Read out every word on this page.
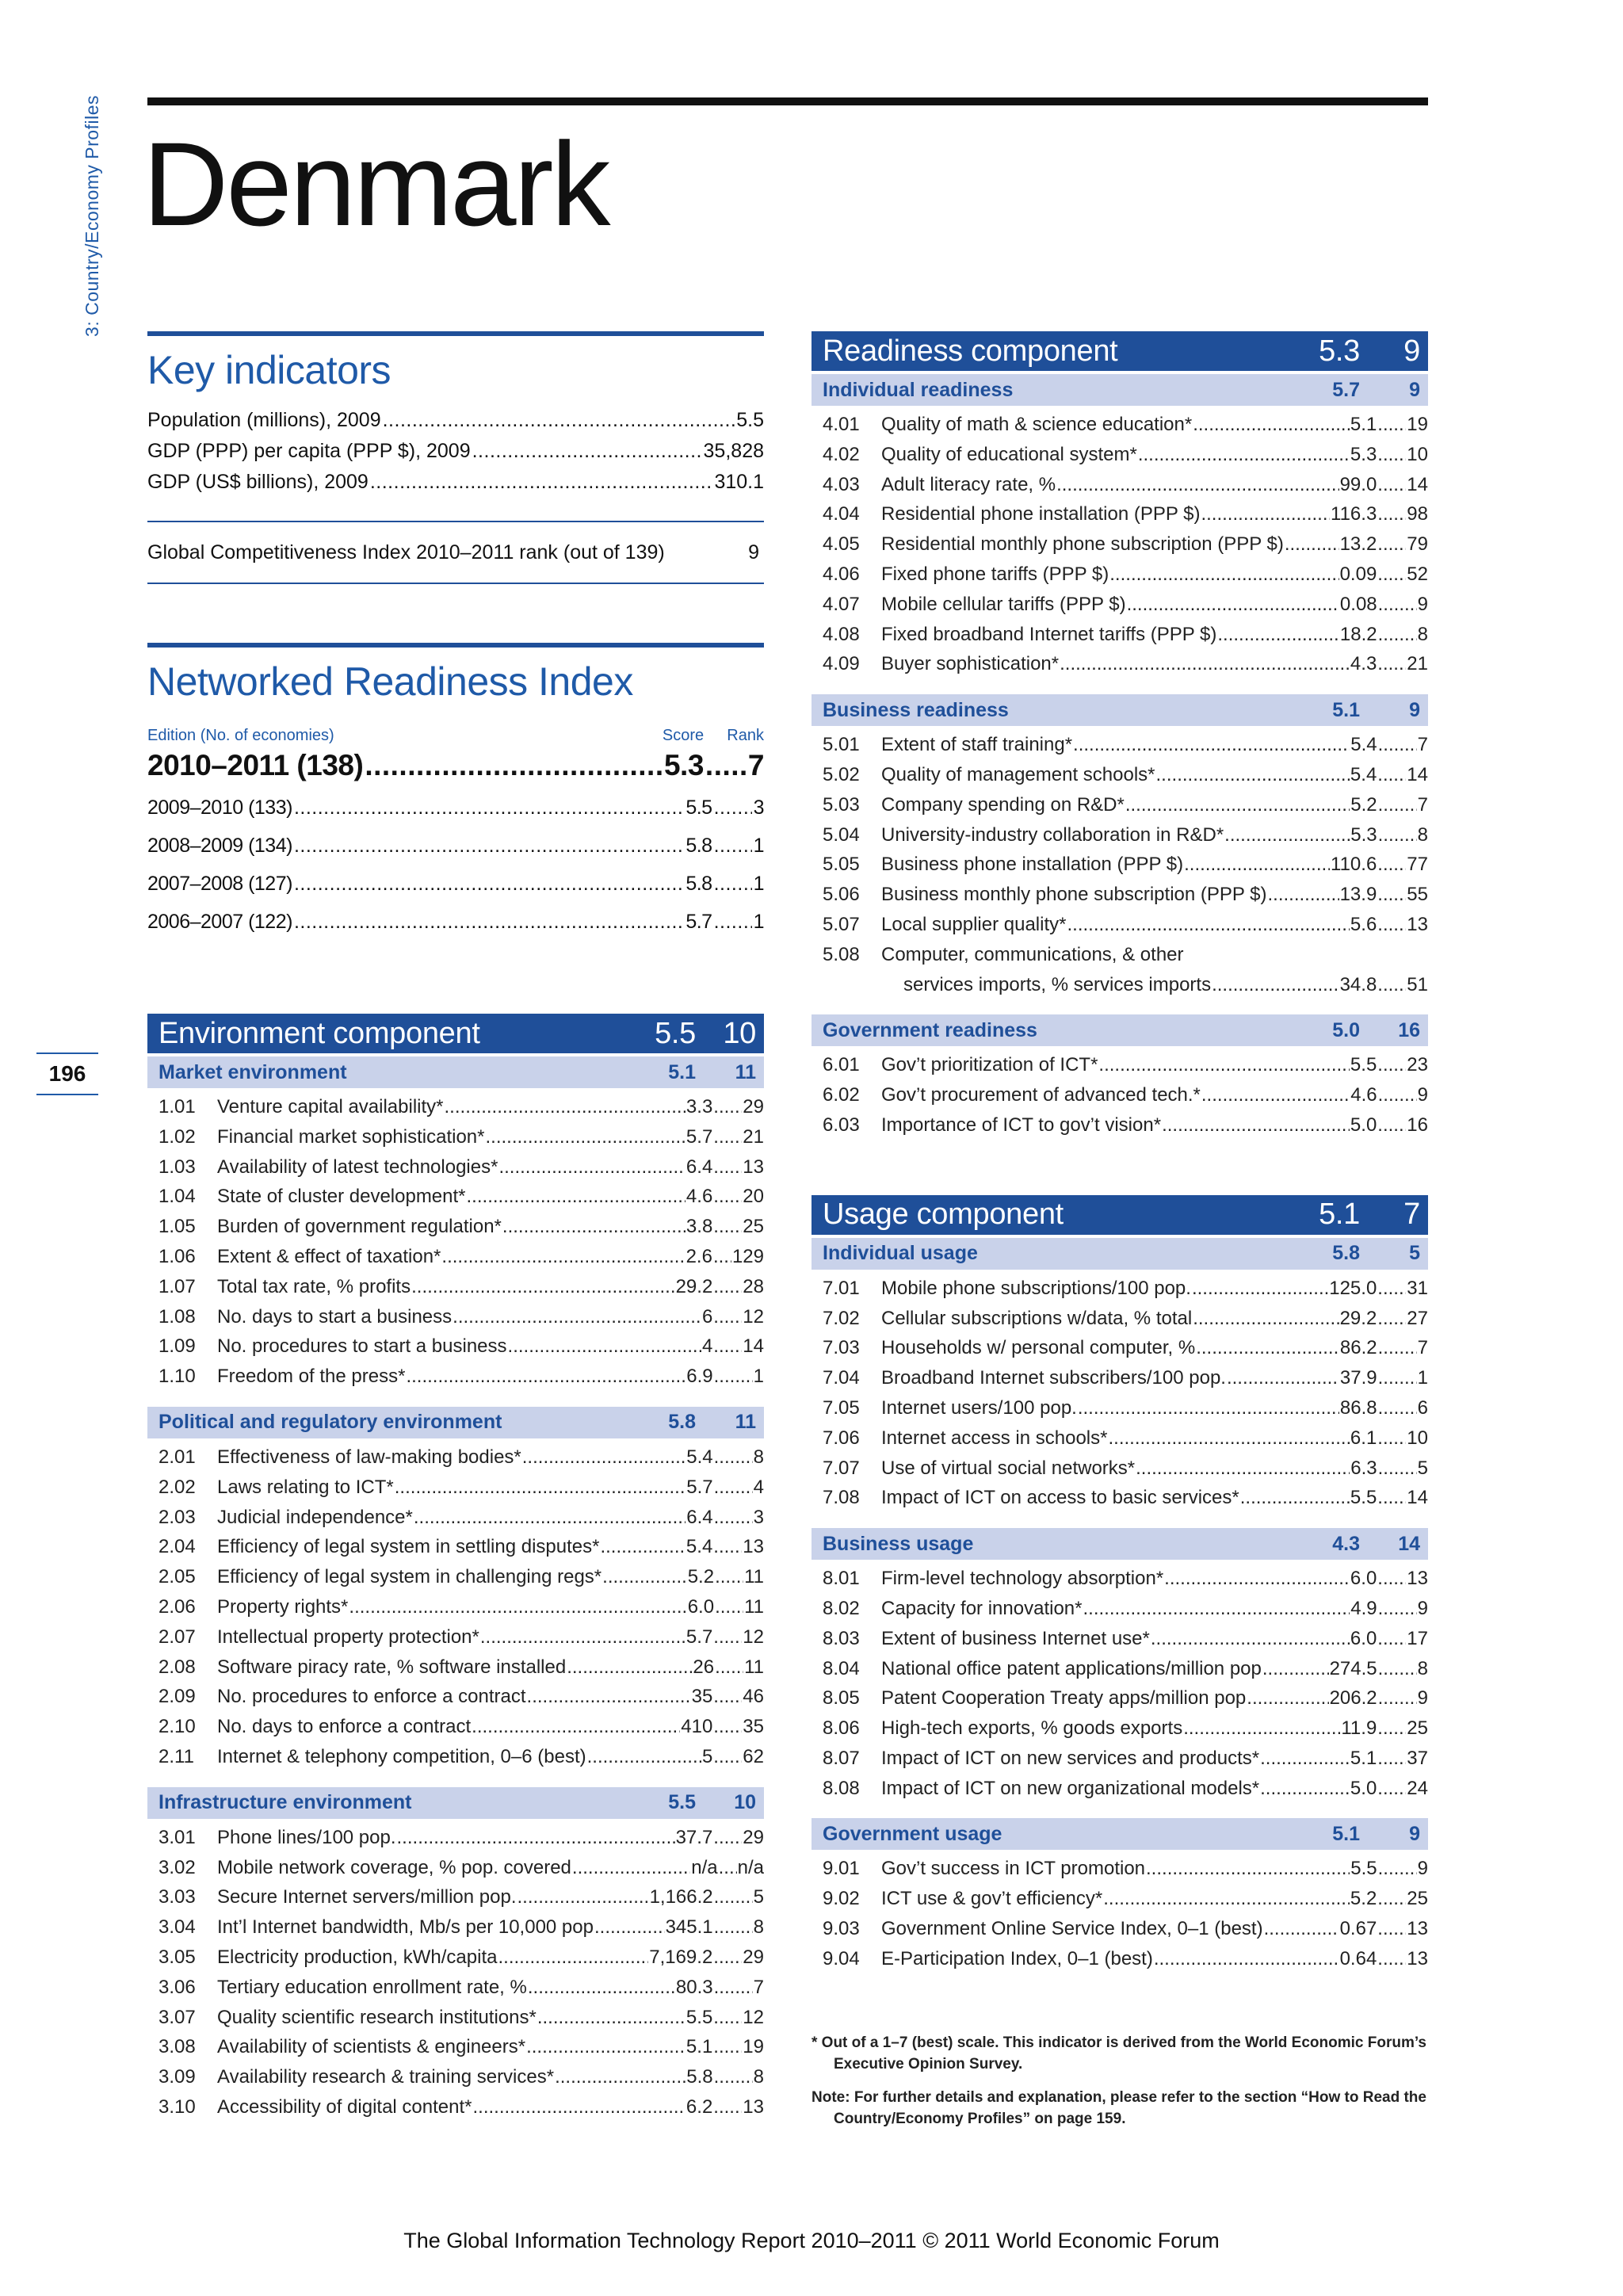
3: Country/Economy Profiles
196
Denmark
Key indicators
Population (millions), 2009 .....	5.5
GDP (PPP) per capita (PPP $), 2009 .....	35,828
GDP (US$ billions), 2009 .....	310.1
Global Competitiveness Index 2010–2011 rank (out of 139)	9
Networked Readiness Index
Edition (No. of economies)	Score	Rank
2010–2011 (138) .....	5.3 ..... 7
2009–2010 (133) .....	5.5 ..... 3
2008–2009 (134) .....	5.8 ..... 1
2007–2008 (127) .....	5.8 ..... 1
2006–2007 (122) .....	5.7 ..... 1
Environment component	5.5 10
Market environment	5.1	11
1.01	Venture capital availability* .....	3.3 ..... 29
1.02	Financial market sophistication* .....	5.7 ..... 21
1.03	Availability of latest technologies* .....	6.4 ..... 13
1.04	State of cluster development* .....	4.6 ..... 20
1.05	Burden of government regulation* .....	3.8 ..... 25
1.06	Extent & effect of taxation* .....	2.6 ..... 129
1.07	Total tax rate, % profits .....	29.2 ..... 28
1.08	No. days to start a business .....	6 ..... 12
1.09	No. procedures to start a business .....	4 ..... 14
1.10	Freedom of the press* .....	6.9 ..... 1
Political and regulatory environment	5.8	11
2.01	Effectiveness of law-making bodies* .....	5.4 ..... 8
2.02	Laws relating to ICT* .....	5.7 ..... 4
2.03	Judicial independence* .....	6.4 ..... 3
2.04	Efficiency of legal system in settling disputes* .....	5.4 ..... 13
2.05	Efficiency of legal system in challenging regs* .....	5.2 ..... 11
2.06	Property rights* .....	6.0 ..... 11
2.07	Intellectual property protection* .....	5.7 ..... 12
2.08	Software piracy rate, % software installed .....	26 ..... 11
2.09	No. procedures to enforce a contract .....	35 ..... 46
2.10	No. days to enforce a contract .....	410 ..... 35
2.11	Internet & telephony competition, 0–6 (best) .....	5 ..... 62
Infrastructure environment	5.5	10
3.01	Phone lines/100 pop. .....	37.7 ..... 29
3.02	Mobile network coverage, % pop. covered .....	n/a ..... n/a
3.03	Secure Internet servers/million pop. .....	1,166.2 ..... 5
3.04	Int’l Internet bandwidth, Mb/s per 10,000 pop .....	345.1 ..... 8
3.05	Electricity production, kWh/capita .....	7,169.2 ..... 29
3.06	Tertiary education enrollment rate, % .....	80.3 ..... 7
3.07	Quality scientific research institutions* .....	5.5 ..... 12
3.08	Availability of scientists & engineers* .....	5.1 ..... 19
3.09	Availability research & training services* .....	5.8 ..... 8
3.10	Accessibility of digital content* .....	6.2 ..... 13
Readiness component	5.3	9
Individual readiness	5.7	9
4.01	Quality of math & science education* .....	5.1 ..... 19
4.02	Quality of educational system* .....	5.3 ..... 10
4.03	Adult literacy rate, % .....	99.0 ..... 14
4.04	Residential phone installation (PPP $) .....	116.3 ..... 98
4.05	Residential monthly phone subscription (PPP $) .....	13.2 ..... 79
4.06	Fixed phone tariffs (PPP $) .....	0.09 ..... 52
4.07	Mobile cellular tariffs (PPP $) .....	0.08 ..... 9
4.08	Fixed broadband Internet tariffs (PPP $) .....	18.2 ..... 8
4.09	Buyer sophistication* .....	4.3 ..... 21
Business readiness	5.1	9
5.01	Extent of staff training* .....	5.4 ..... 7
5.02	Quality of management schools* .....	5.4 ..... 14
5.03	Company spending on R&D* .....	5.2 ..... 7
5.04	University-industry collaboration in R&D* .....	5.3 ..... 8
5.05	Business phone installation (PPP $) .....	110.6 ..... 77
5.06	Business monthly phone subscription (PPP $) .....	13.9 ..... 55
5.07	Local supplier quality* .....	5.6 ..... 13
5.08	Computer, communications, & other
services imports, % services imports .....	34.8 ..... 51
Government readiness	5.0	16
6.01	Gov’t prioritization of ICT* .....	5.5 ..... 23
6.02	Gov’t procurement of advanced tech.* .....	4.6 ..... 9
6.03	Importance of ICT to gov’t vision* .....	5.0 ..... 16
Usage component	5.1	7
Individual usage	5.8	5
7.01	Mobile phone subscriptions/100 pop. .....	125.0 ..... 31
7.02	Cellular subscriptions w/data, % total .....	29.2 ..... 27
7.03	Households w/ personal computer, % .....	86.2 ..... 7
7.04	Broadband Internet subscribers/100 pop. .....	37.9 ..... 1
7.05	Internet users/100 pop. .....	86.8 ..... 6
7.06	Internet access in schools* .....	6.1 ..... 10
7.07	Use of virtual social networks* .....	6.3 ..... 5
7.08	Impact of ICT on access to basic services* .....	5.5 ..... 14
Business usage	4.3	14
8.01	Firm-level technology absorption* .....	6.0 ..... 13
8.02	Capacity for innovation* .....	4.9 ..... 9
8.03	Extent of business Internet use* .....	6.0 ..... 17
8.04	National office patent applications/million pop .....	274.5 ..... 8
8.05	Patent Cooperation Treaty apps/million pop .....	206.2 ..... 9
8.06	High-tech exports, % goods exports .....	11.9 ..... 25
8.07	Impact of ICT on new services and products* .....	5.1 ..... 37
8.08	Impact of ICT on new organizational models* .....	5.0 ..... 24
Government usage	5.1	9
9.01	Gov’t success in ICT promotion .....	5.5 ..... 9
9.02	ICT use & gov’t efficiency* .....	5.2 ..... 25
9.03	Government Online Service Index, 0–1 (best) .....	0.67 ..... 13
9.04	E-Participation Index, 0–1 (best) .....	0.64 ..... 13

* Out of a 1–7 (best) scale. This indicator is derived from the World Economic Forum’s Executive Opinion Survey.

Note: For further details and explanation, please refer to the section “How to Read the Country/Economy Profiles” on page 159.

The Global Information Technology Report 2010–2011 © 2011 World Economic Forum
